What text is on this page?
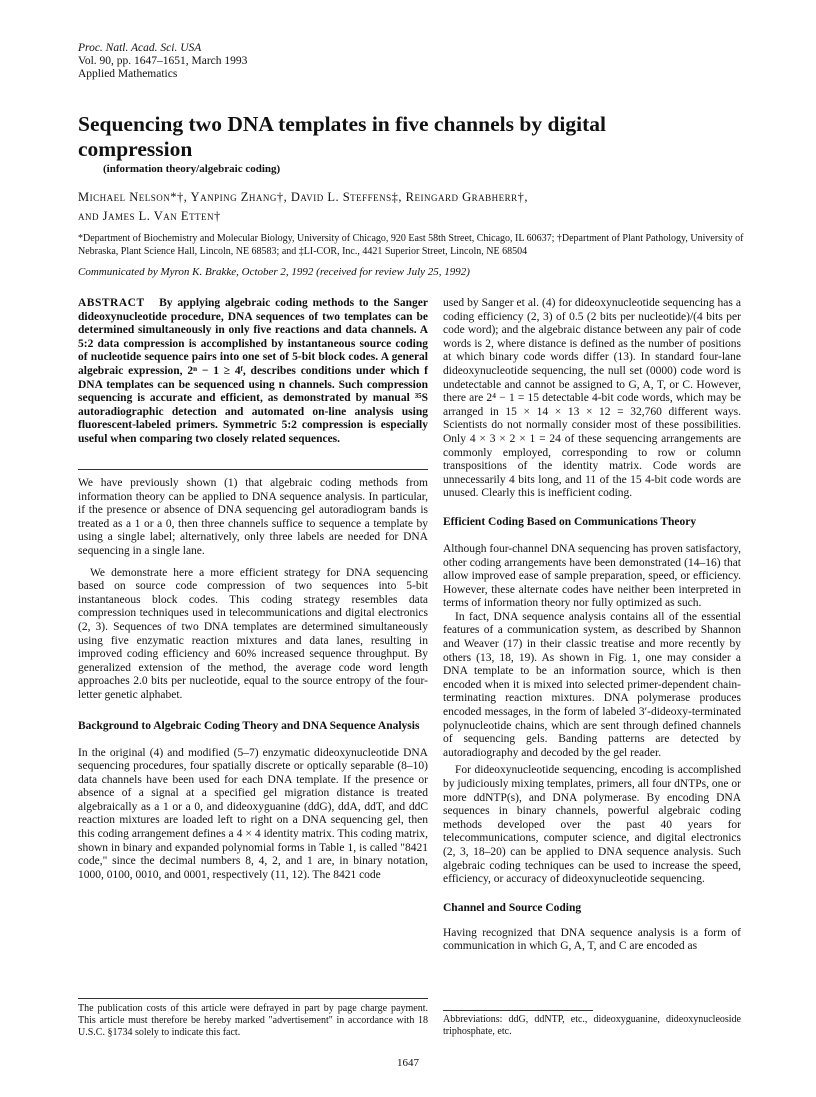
Proc. Natl. Acad. Sci. USA
Vol. 90, pp. 1647–1651, March 1993
Applied Mathematics
Sequencing two DNA templates in five channels by digital compression
(information theory/algebraic coding)
Michael Nelson*†, Yanping Zhang†, David L. Steffens‡, Reingard Grabherr†,
and James L. Van Etten†
*Department of Biochemistry and Molecular Biology, University of Chicago, 920 East 58th Street, Chicago, IL 60637; †Department of Plant Pathology, University of Nebraska, Plant Science Hall, Lincoln, NE 68583; and ‡LI-COR, Inc., 4421 Superior Street, Lincoln, NE 68504
Communicated by Myron K. Brakke, October 2, 1992 (received for review July 25, 1992)

ABSTRACT By applying algebraic coding methods to the Sanger dideoxynucleotide procedure, DNA sequences of two templates can be determined simultaneously in only five reactions and data channels. A 5:2 data compression is accomplished by instantaneous source coding of nucleotide sequence pairs into one set of 5-bit block codes. A general algebraic expression, 2ⁿ − 1 ≥ 4ᶠ, describes conditions under which f DNA templates can be sequenced using n channels. Such compression sequencing is accurate and efficient, as demonstrated by manual ³⁵S autoradiographic detection and automated on-line analysis using fluorescent-labeled primers. Symmetric 5:2 compression is especially useful when comparing two closely related sequences.

We have previously shown (1) that algebraic coding methods from information theory can be applied to DNA sequence analysis. In particular, if the presence or absence of DNA sequencing gel autoradiogram bands is treated as a 1 or a 0, then three channels suffice to sequence a template by using a single label; alternatively, only three labels are needed for DNA sequencing in a single lane.

We demonstrate here a more efficient strategy for DNA sequencing based on source code compression of two sequences into 5-bit instantaneous block codes. This coding strategy resembles data compression techniques used in telecommunications and digital electronics (2, 3). Sequences of two DNA templates are determined simultaneously using five enzymatic reaction mixtures and data lanes, resulting in improved coding efficiency and 60% increased sequence throughput. By generalized extension of the method, the average code word length approaches 2.0 bits per nucleotide, equal to the source entropy of the four-letter genetic alphabet.

Background to Algebraic Coding Theory and DNA Sequence Analysis

In the original (4) and modified (5–7) enzymatic dideoxynucleotide DNA sequencing procedures, four spatially discrete or optically separable (8–10) data channels have been used for each DNA template. If the presence or absence of a signal at a specified gel migration distance is treated algebraically as a 1 or a 0, and dideoxyguanine (ddG), ddA, ddT, and ddC reaction mixtures are loaded left to right on a DNA sequencing gel, then this coding arrangement defines a 4 × 4 identity matrix. This coding matrix, shown in binary and expanded polynomial forms in Table 1, is called "8421 code," since the decimal numbers 8, 4, 2, and 1 are, in binary notation, 1000, 0100, 0010, and 0001, respectively (11, 12). The 8421 code

The publication costs of this article were defrayed in part by page charge payment. This article must therefore be hereby marked "advertisement" in accordance with 18 U.S.C. §1734 solely to indicate this fact.

used by Sanger et al. (4) for dideoxynucleotide sequencing has a coding efficiency (2, 3) of 0.5 (2 bits per nucleotide)/(4 bits per code word); and the algebraic distance between any pair of code words is 2, where distance is defined as the number of positions at which binary code words differ (13). In standard four-lane dideoxynucleotide sequencing, the null set (0000) code word is undetectable and cannot be assigned to G, A, T, or C. However, there are 2⁴ − 1 = 15 detectable 4-bit code words, which may be arranged in 15 × 14 × 13 × 12 = 32,760 different ways. Scientists do not normally consider most of these possibilities. Only 4 × 3 × 2 × 1 = 24 of these sequencing arrangements are commonly employed, corresponding to row or column transpositions of the identity matrix. Code words are unnecessarily 4 bits long, and 11 of the 15 4-bit code words are unused. Clearly this is inefficient coding.

Efficient Coding Based on Communications Theory

Although four-channel DNA sequencing has proven satisfactory, other coding arrangements have been demonstrated (14–16) that allow improved ease of sample preparation, speed, or efficiency. However, these alternate codes have neither been interpreted in terms of information theory nor fully optimized as such.

In fact, DNA sequence analysis contains all of the essential features of a communication system, as described by Shannon and Weaver (17) in their classic treatise and more recently by others (13, 18, 19). As shown in Fig. 1, one may consider a DNA template to be an information source, which is then encoded when it is mixed into selected primer-dependent chain-terminating reaction mixtures. DNA polymerase produces encoded messages, in the form of labeled 3′-dideoxy-terminated polynucleotide chains, which are sent through defined channels of sequencing gels. Banding patterns are detected by autoradiography and decoded by the gel reader.

For dideoxynucleotide sequencing, encoding is accomplished by judiciously mixing templates, primers, all four dNTPs, one or more ddNTP(s), and DNA polymerase. By encoding DNA sequences in binary channels, powerful algebraic coding methods developed over the past 40 years for telecommunications, computer science, and digital electronics (2, 3, 18–20) can be applied to DNA sequence analysis. Such algebraic coding techniques can be used to increase the speed, efficiency, or accuracy of dideoxynucleotide sequencing.

Channel and Source Coding

Having recognized that DNA sequence analysis is a form of communication in which G, A, T, and C are encoded as

Abbreviations: ddG, ddNTP, etc., dideoxyguanine, dideoxynucleoside triphosphate, etc.
1647
